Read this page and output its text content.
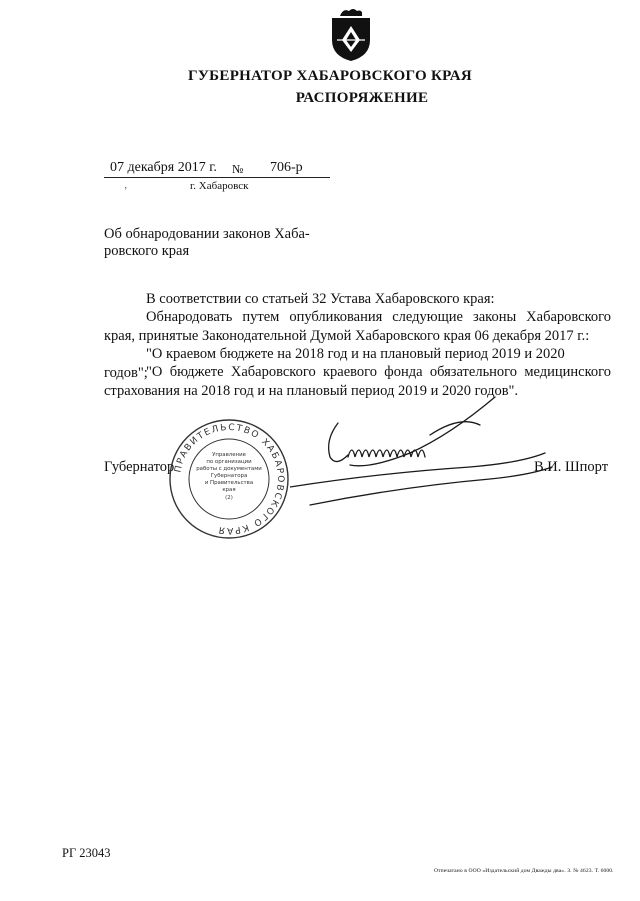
ГУБЕРНАТОР ХАБАРОВСКОГО КРАЯ
РАСПОРЯЖЕНИЕ
07 декабря 2017 г. № 706-р
г. Хабаровск
ʼ
Об обнародовании законов Хаба-
ровского края
В соответствии со статьей 32 Устава Хабаровского края:
Обнародовать путем опубликования следующие законы Хабаровского края, принятые Законодательной Думой Хабаровского края 06 декабря 2017 г.:
"О краевом бюджете на 2018 год и на плановый период 2019 и 2020 годов";
"О бюджете Хабаровского краевого фонда обязательного медицинского страхования на 2018 год и на плановый период 2019 и 2020 годов".
Губернатор	В.И. Шпорт
ПРАВИТЕЛЬСТВО ХАБАРОВСКОГО КРАЯ
Управление
по организации
работы с документами
Губернатора
и Правительства
края
(2)
РГ 23043
Отпечатано в ООО «Издательский дом Дважды два». З. № 4623. Т. 6000.
